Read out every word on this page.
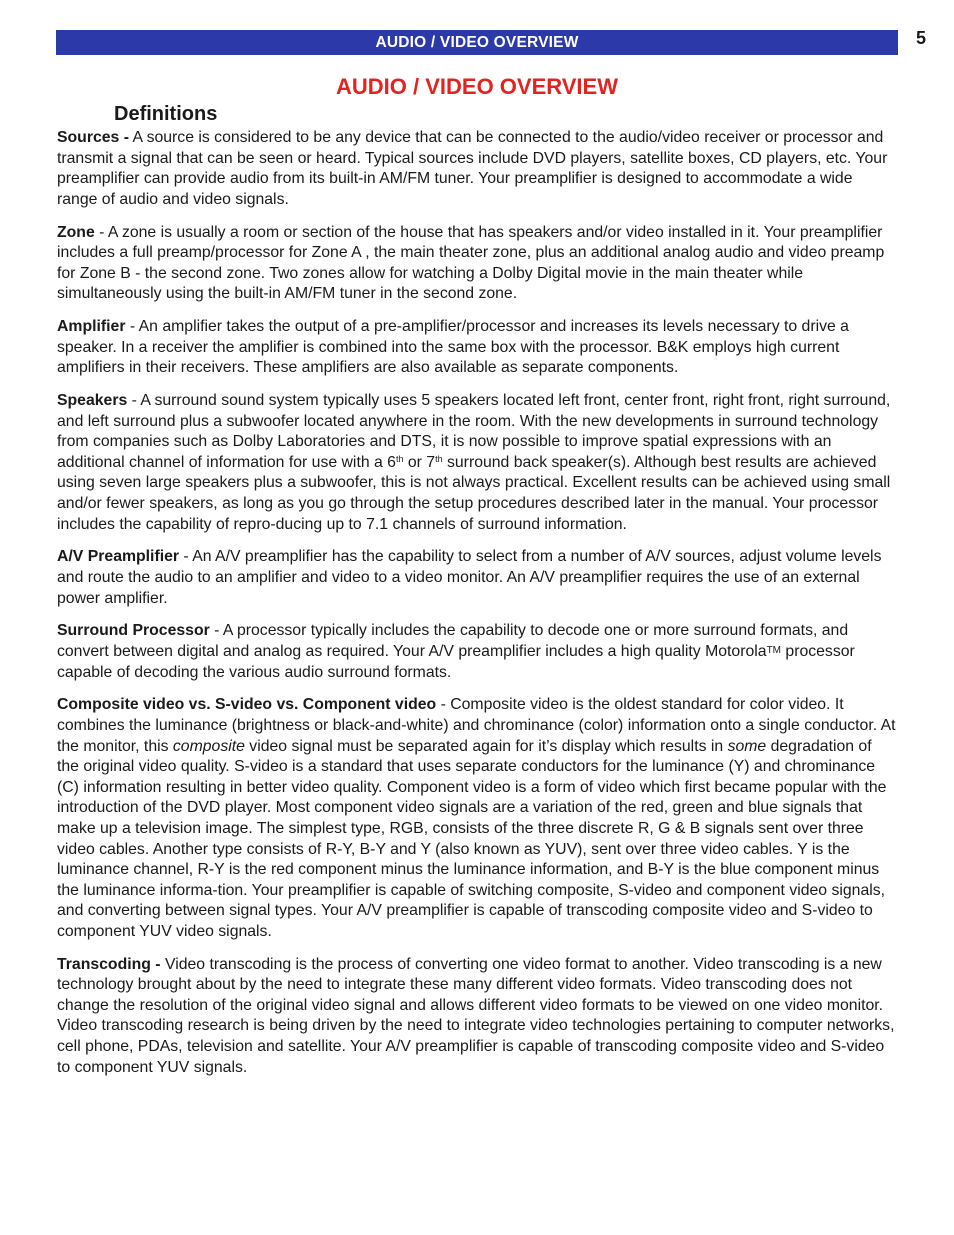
AUDIO / VIDEO OVERVIEW	5
AUDIO / VIDEO OVERVIEW
Definitions

Sources - A source is considered to be any device that can be connected to the audio/video receiver or processor and transmit a signal that can be seen or heard. Typical sources include DVD players, satellite boxes, CD players, etc. Your preamplifier can provide audio from its built-in AM/FM tuner. Your preamplifier is designed to accommodate a wide range of audio and video signals.

Zone - A zone is usually a room or section of the house that has speakers and/or video installed in it. Your preamplifier includes a full preamp/processor for Zone A , the main theater zone, plus an additional analog audio and video preamp for Zone B - the second zone. Two zones allow for watching a Dolby Digital movie in the main theater while simultaneously using the built-in AM/FM tuner in the second zone.

Amplifier - An amplifier takes the output of a pre-amplifier/processor and increases its levels necessary to drive a speaker. In a receiver the amplifier is combined into the same box with the processor. B&K employs high current amplifiers in their receivers. These amplifiers are also available as separate components.

Speakers - A surround sound system typically uses 5 speakers located left front, center front, right front, right surround, and left surround plus a subwoofer located anywhere in the room. With the new developments in surround technology from companies such as Dolby Laboratories and DTS, it is now possible to improve spatial expressions with an additional channel of information for use with a 6th or 7th surround back speaker(s). Although best results are achieved using seven large speakers plus a subwoofer, this is not always practical. Excellent results can be achieved using small and/or fewer speakers, as long as you go through the setup procedures described later in the manual. Your processor includes the capability of repro-ducing up to 7.1 channels of surround information.

A/V Preamplifier - An A/V preamplifier has the capability to select from a number of A/V sources, adjust volume levels and route the audio to an amplifier and video to a video monitor. An A/V preamplifier requires the use of an external power amplifier.

Surround Processor - A processor typically includes the capability to decode one or more surround formats, and convert between digital and analog as required. Your A/V preamplifier includes a high quality MotorolaTM processor capable of decoding the various audio surround formats.

Composite video vs. S-video vs. Component video - Composite video is the oldest standard for color video. It combines the luminance (brightness or black-and-white) and chrominance (color) information onto a single conductor. At the monitor, this composite video signal must be separated again for it’s display which results in some degradation of the original video quality. S-video is a standard that uses separate conductors for the luminance (Y) and chrominance (C) information resulting in better video quality. Component video is a form of video which first became popular with the introduction of the DVD player. Most component video signals are a variation of the red, green and blue signals that make up a television image. The simplest type, RGB, consists of the three discrete R, G & B signals sent over three video cables. Another type consists of R-Y, B-Y and Y (also known as YUV), sent over three video cables. Y is the luminance channel, R-Y is the red component minus the luminance information, and B-Y is the blue component minus the luminance informa-tion. Your preamplifier is capable of switching composite, S-video and component video signals, and converting between signal types. Your A/V preamplifier is capable of transcoding composite video and S-video to component YUV video signals.

Transcoding - Video transcoding is the process of converting one video format to another. Video transcoding is a new technology brought about by the need to integrate these many different video formats. Video transcoding does not change the resolution of the original video signal and allows different video formats to be viewed on one video monitor. Video transcoding research is being driven by the need to integrate video technologies pertaining to computer networks, cell phone, PDAs, television and satellite. Your A/V preamplifier is capable of transcoding composite video and S-video to component YUV signals.
